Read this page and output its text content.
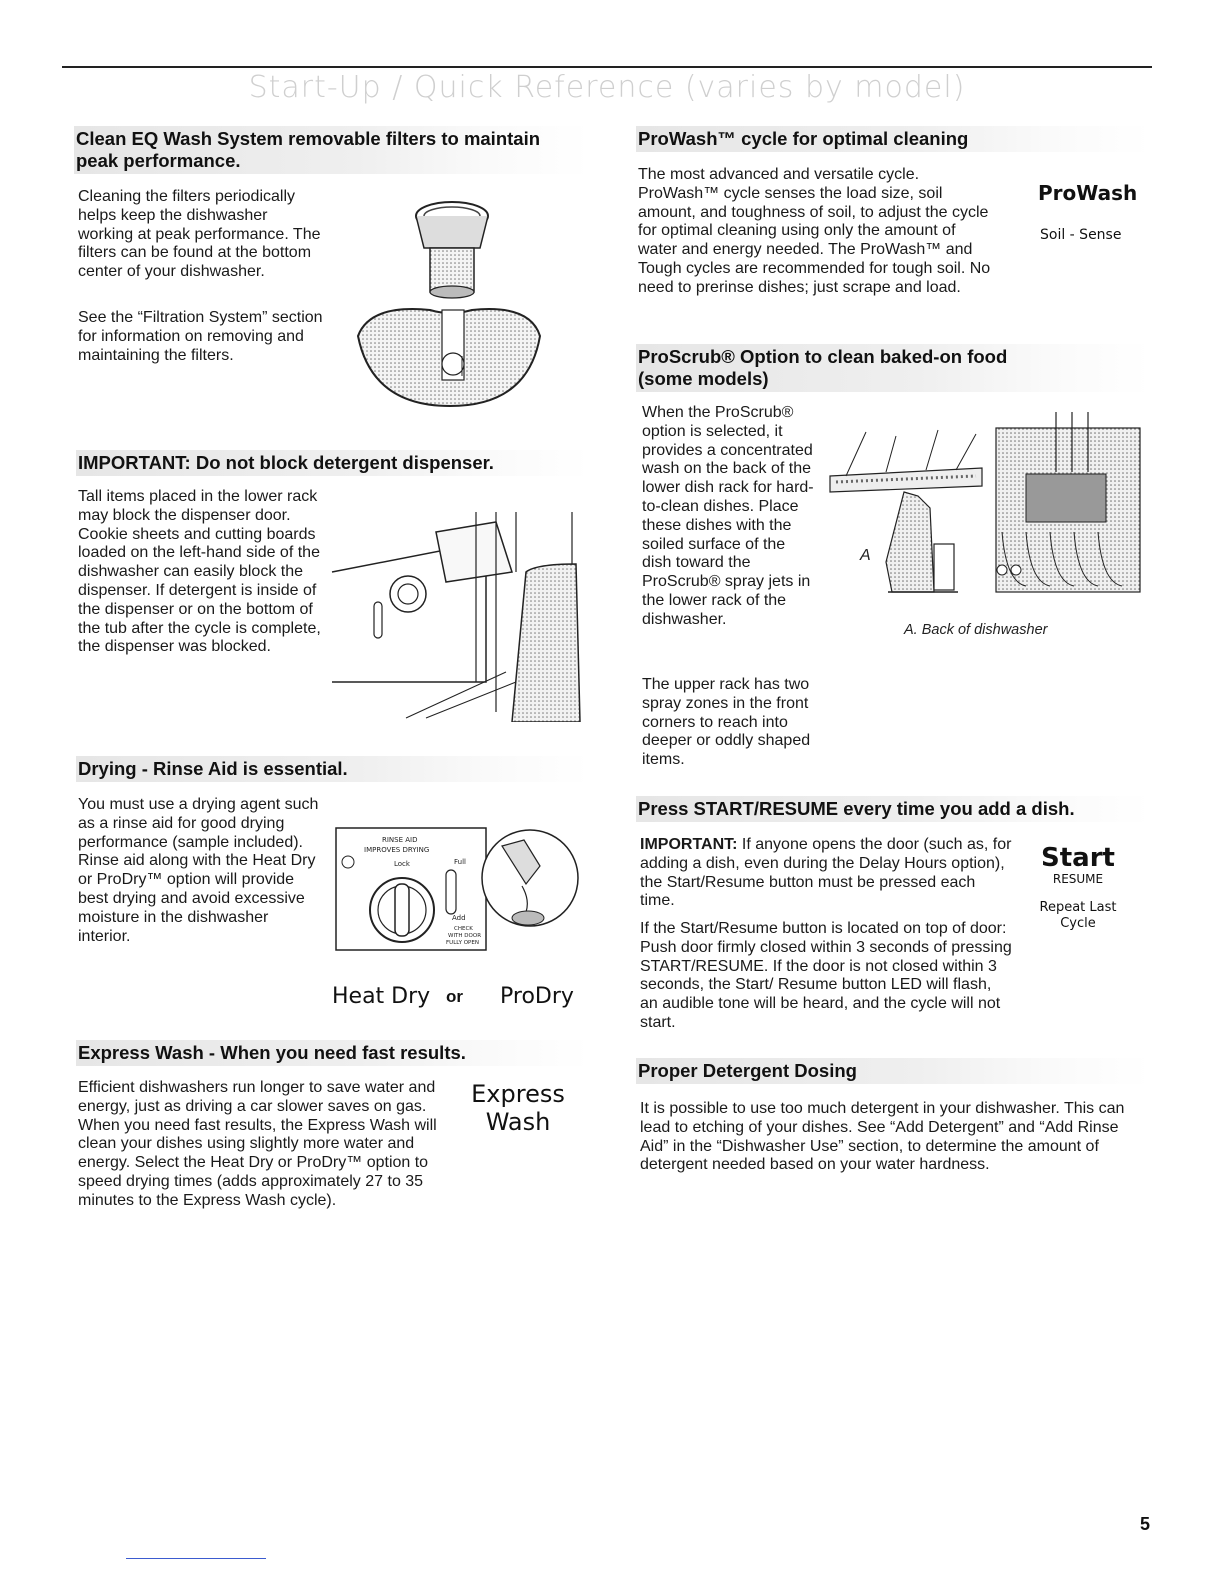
Start-Up / Quick Reference (varies by model)
Clean EQ Wash System removable filters to maintain peak performance.

Cleaning the filters periodically helps keep the dishwasher working at peak performance. The filters can be found at the bottom center of your dishwasher.

See the “Filtration System” section for information on removing and maintaining the filters.

IMPORTANT: Do not block detergent dispenser.

Tall items placed in the lower rack may block the dispenser door. Cookie sheets and cutting boards loaded on the left-hand side of the dishwasher can easily block the dispenser. If detergent is inside of the dispenser or on the bottom of the tub after the cycle is complete, the dispenser was blocked.

Drying - Rinse Aid is essential.

You must use a drying agent such as a rinse aid for good drying performance (sample included). Rinse aid along with the Heat Dry or ProDry™ option will provide best drying and avoid excessive moisture in the dishwasher interior.

RINSE AID
IMPROVES DRYING
Lock	Full
Add
CHECK
WITH DOOR
FULLY OPEN
Heat Dry or ProDry
Express Wash - When you need fast results.

Efficient dishwashers run longer to save water and energy, just as driving a car slower saves on gas. When you need fast results, the Express Wash will clean your dishes using slightly more water and energy. Select the Heat Dry or ProDry™ option to speed drying times (adds approximately 27 to 35 minutes to the Express Wash cycle).

Express
Wash
ProWash™ cycle for optimal cleaning

The most advanced and versatile cycle. ProWash™ cycle senses the load size, soil amount, and toughness of soil, to adjust the cycle for optimal cleaning using only the amount of water and energy needed. The ProWash™ and Tough cycles are recommended for tough soil. No need to prerinse dishes; just scrape and load.

ProWash
Soil - Sense
ProScrub® Option to clean baked-on food
(some models)

When the ProScrub® option is selected, it provides a concentrated wash on the back of the lower dish rack for hard-to-clean dishes. Place these dishes with the soiled surface of the dish toward the ProScrub® spray jets in the lower rack of the dishwasher.

The upper rack has two spray zones in the front corners to reach into deeper or oddly shaped items.

A
A. Back of dishwasher
Press START/RESUME every time you add a dish.

IMPORTANT: If anyone opens the door (such as, for adding a dish, even during the Delay Hours option), the Start/Resume button must be pressed each time.

If the Start/Resume button is located on top of door: Push door firmly closed within 3 seconds of pressing START/RESUME. If the door is not closed within 3 seconds, the Start/ Resume button LED will flash, an audible tone will be heard, and the cycle will not start.

Start
RESUME
Repeat Last
Cycle
Proper Detergent Dosing

It is possible to use too much detergent in your dishwasher. This can lead to etching of your dishes. See “Add Detergent” and “Add Rinse Aid” in the “Dishwasher Use” section, to determine the amount of detergent needed based on your water hardness.

5
